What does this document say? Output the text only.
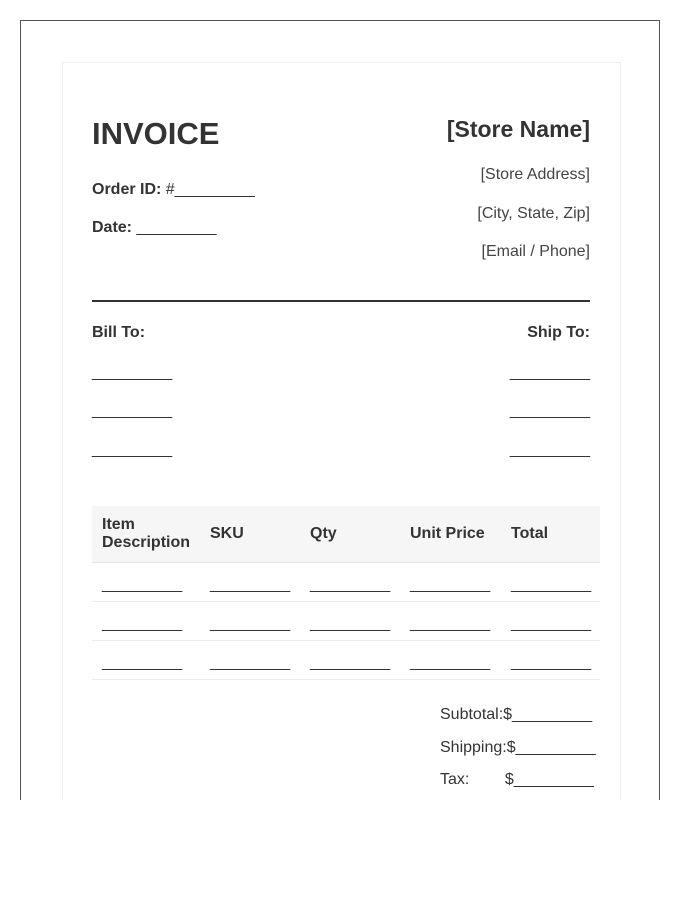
INVOICE	[Store Name]
[Store Address]
[City, State, Zip]
[Email / Phone]
Order ID: #_________
Date: _________
Bill To:	Ship To:
_________
_________
_________
_________
_________
_________
Item Description	SKU	Qty	Unit Price	Total
_________	_________	_________	_________	_________
_________	_________	_________	_________	_________
_________	_________	_________	_________	_________
Subtotal:$_________
Shipping:$_________
Tax:        $_________
